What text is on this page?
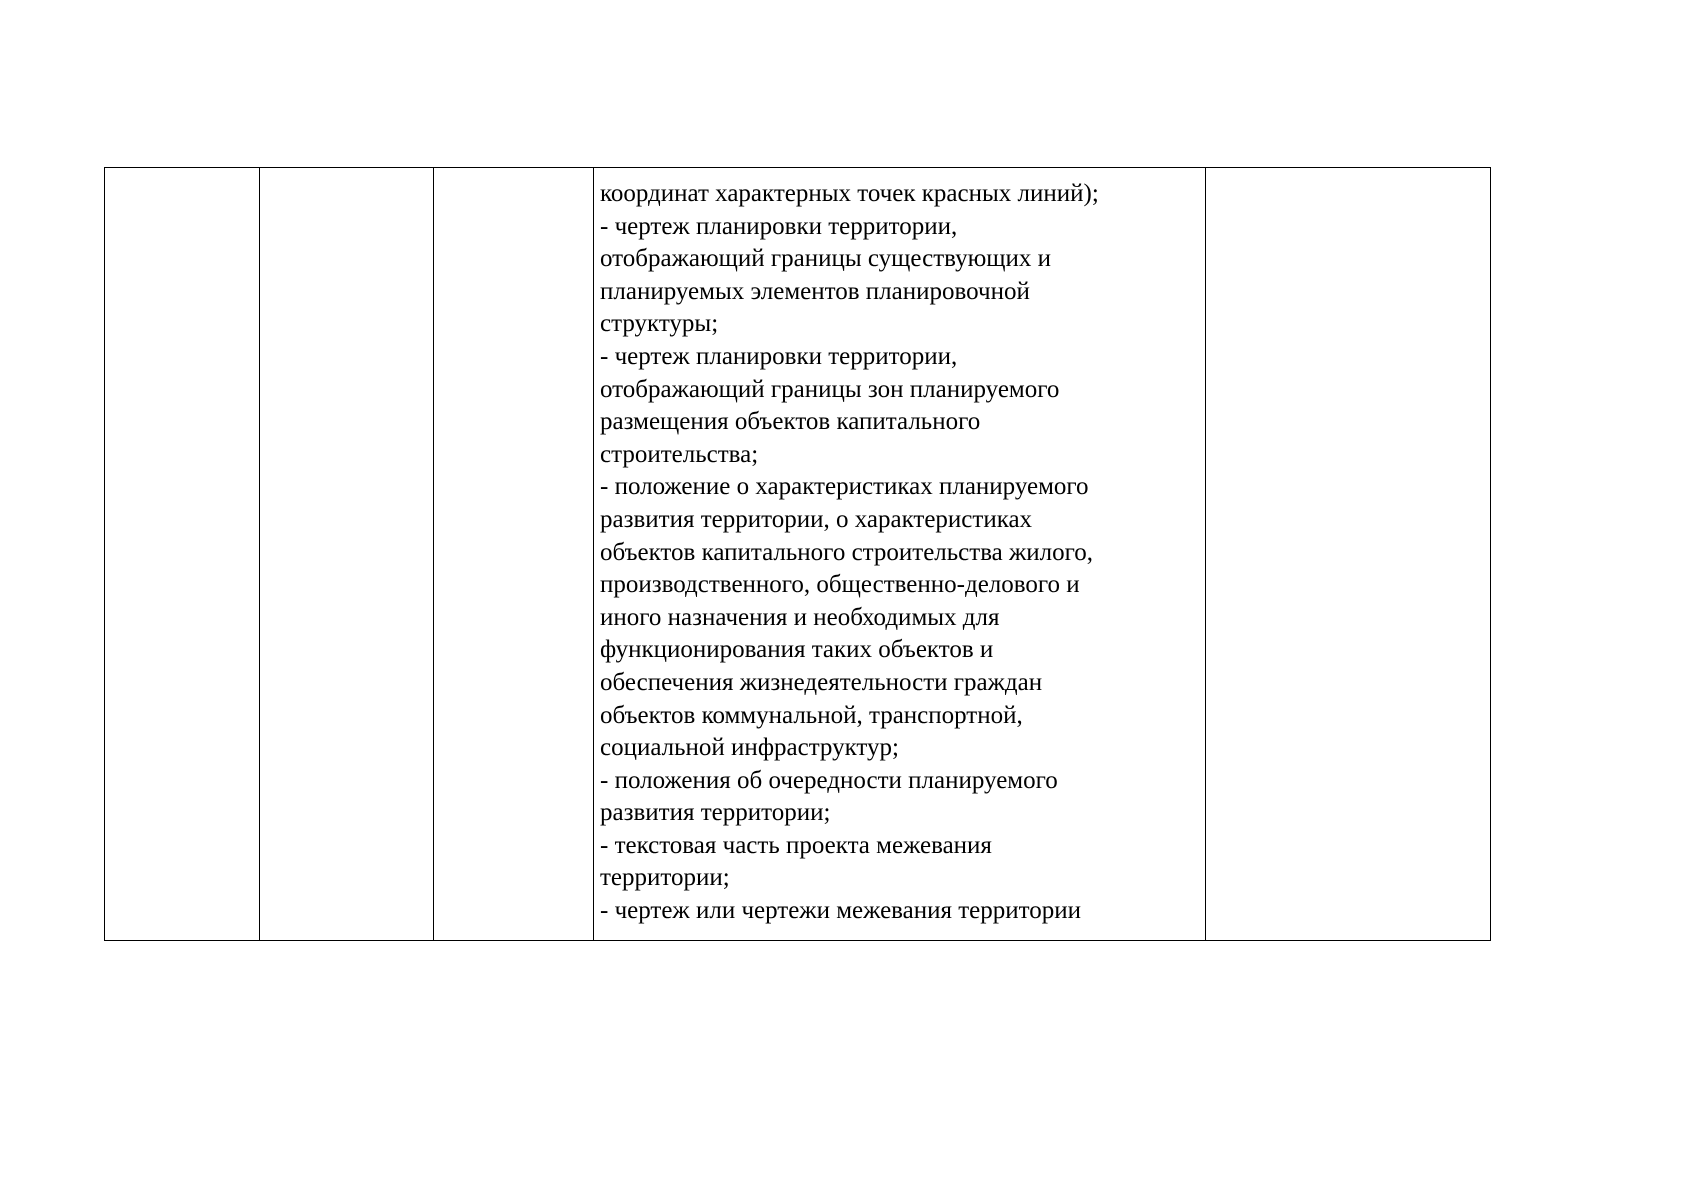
координат характерных точек красных линий);
- чертеж планировки территории,
отображающий границы существующих и
планируемых элементов планировочной
структуры;
- чертеж планировки территории,
отображающий границы зон планируемого
размещения объектов капитального
строительства;
- положение о характеристиках планируемого
развития территории, о характеристиках
объектов капитального строительства жилого,
производственного, общественно-делового и
иного назначения и необходимых для
функционирования таких объектов и
обеспечения жизнедеятельности граждан
объектов коммунальной, транспортной,
социальной инфраструктур;
- положения об очередности планируемого
развития территории;
- текстовая часть проекта межевания
территории;
- чертеж или чертежи межевания территории
